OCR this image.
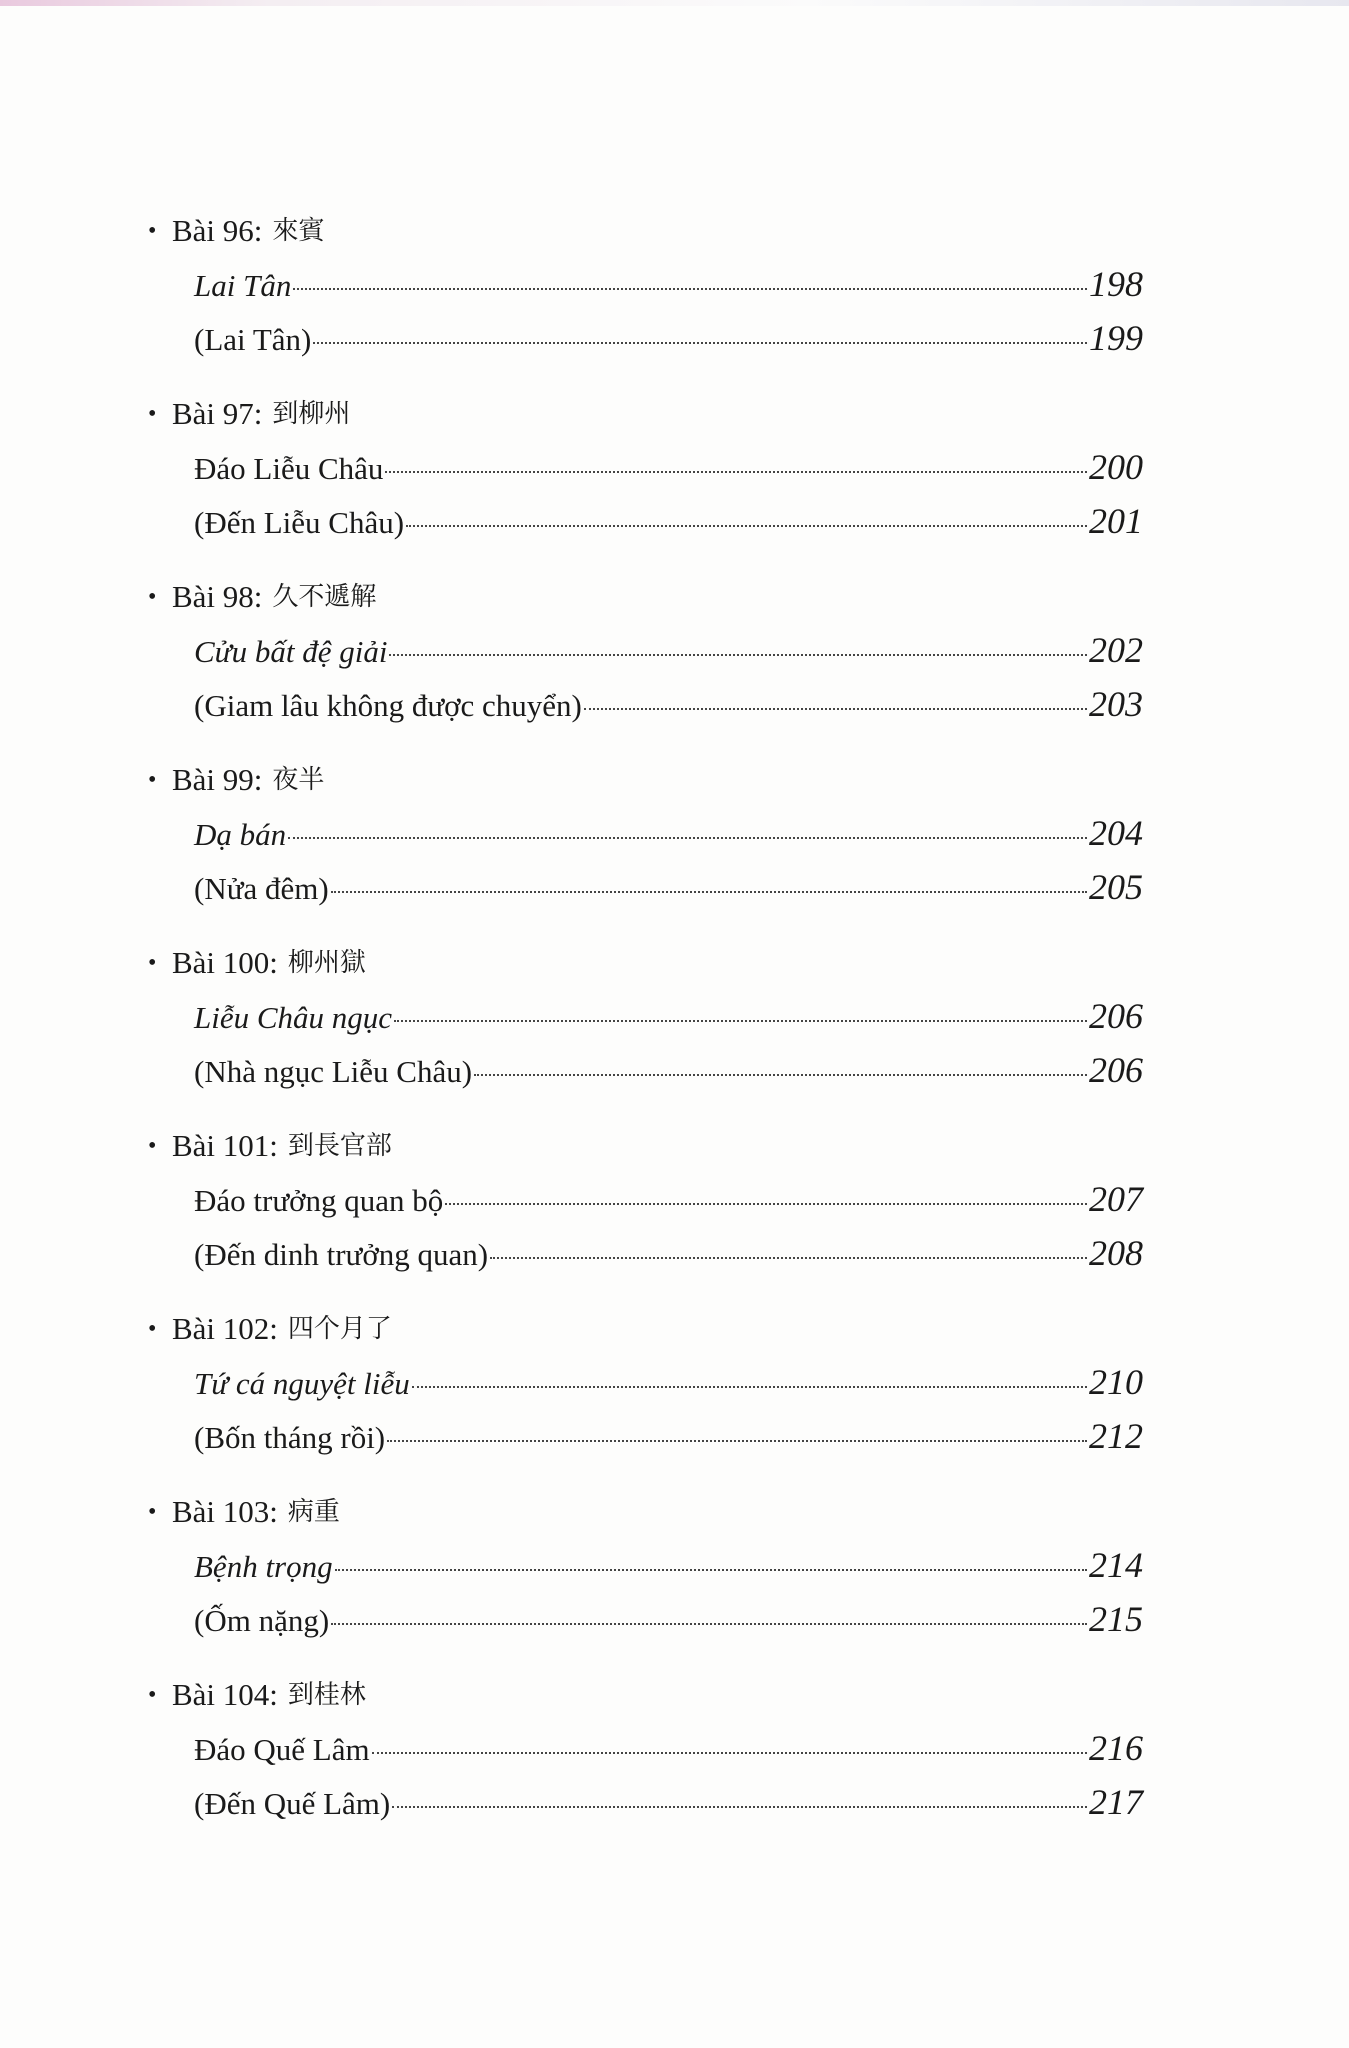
• Bài 96: 來賓
Lai Tân	198
(Lai Tân)	199
• Bài 97: 到柳州
Đáo Liễu Châu	200
(Đến Liễu Châu)	201
• Bài 98: 久不遞解
Cửu bất đệ giải	202
(Giam lâu không được chuyển)	203
• Bài 99: 夜半
Dạ bán	204
(Nửa đêm)	205
• Bài 100: 柳州獄
Liễu Châu ngục	206
(Nhà ngục Liễu Châu)	206
• Bài 101: 到長官部
Đáo trưởng quan bộ	207
(Đến dinh trưởng quan)	208
• Bài 102: 四个月了
Tứ cá nguyệt liễu	210
(Bốn tháng rồi)	212
• Bài 103: 病重
Bệnh trọng	214
(Ốm nặng)	215
• Bài 104: 到桂林
Đáo Quế Lâm	216
(Đến Quế Lâm)	217
